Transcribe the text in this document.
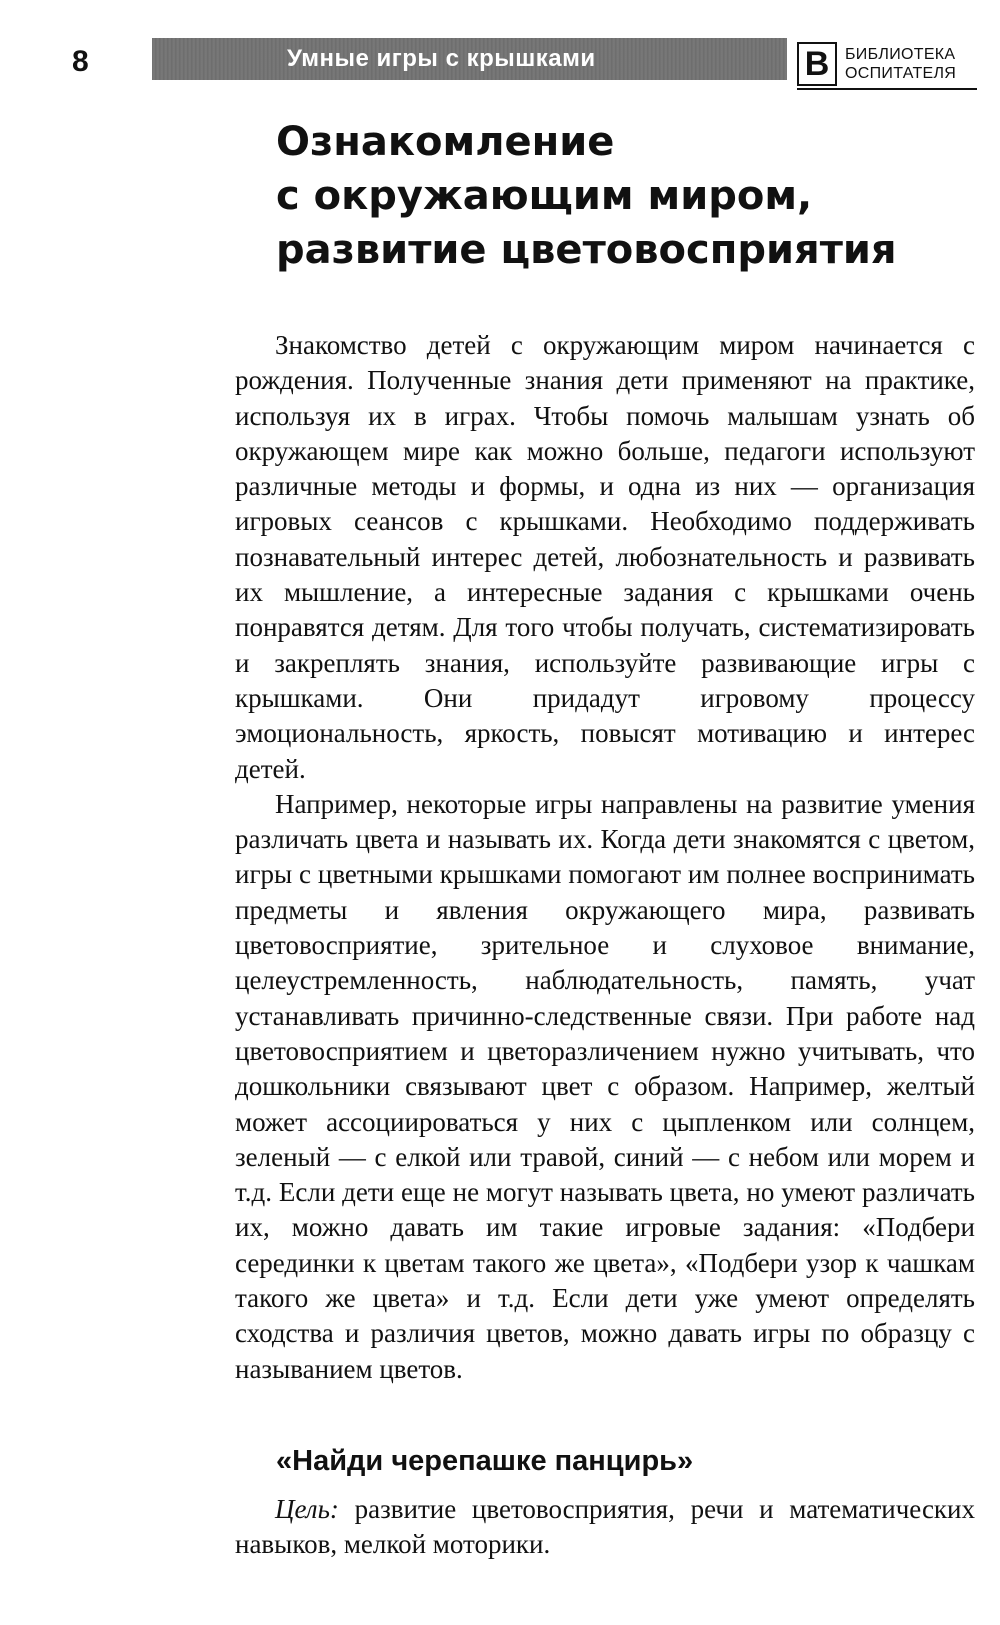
8	Умные игры с крышками	В БИБЛИОТЕКА
ОСПИТАТЕЛЯ
Ознакомление
с окружающим миром,
развитие цветовосприятия

Знакомство детей с окружающим миром начинается с рождения. Полученные знания дети применяют на практике, используя их в играх. Чтобы помочь малышам узнать об окружающем мире как можно больше, педагоги используют различные методы и формы, и одна из них — организация игровых сеансов с крышками. Необходимо поддерживать познавательный интерес детей, любознательность и развивать их мышление, а интересные задания с крышками очень понравятся детям. Для того чтобы получать, систематизировать и закреплять знания, используйте развивающие игры с крышками. Они придадут игровому процессу эмоциональность, яркость, повысят мотивацию и интерес детей.

Например, некоторые игры направлены на развитие умения различать цвета и называть их. Когда дети знакомятся с цветом, игры с цветными крышками помогают им полнее воспринимать предметы и явления окружающего мира, развивать цветовосприятие, зрительное и слуховое внимание, целеустремленность, наблюдательность, память, учат устанавливать причинно-следственные связи. При работе над цветовосприятием и цветоразличением нужно учитывать, что дошкольники связывают цвет с образом. Например, желтый может ассоциироваться у них с цыпленком или солнцем, зеленый — с елкой или травой, синий — с небом или морем и т.д. Если дети еще не могут называть цвета, но умеют различать их, можно давать им такие игровые задания: «Подбери серединки к цветам такого же цвета», «Подбери узор к чашкам такого же цвета» и т.д. Если дети уже умеют определять сходства и различия цветов, можно давать игры по образцу с называнием цветов.

«Найди черепашке панцирь»
Цель: развитие цветовосприятия, речи и математических навыков, мелкой моторики.
